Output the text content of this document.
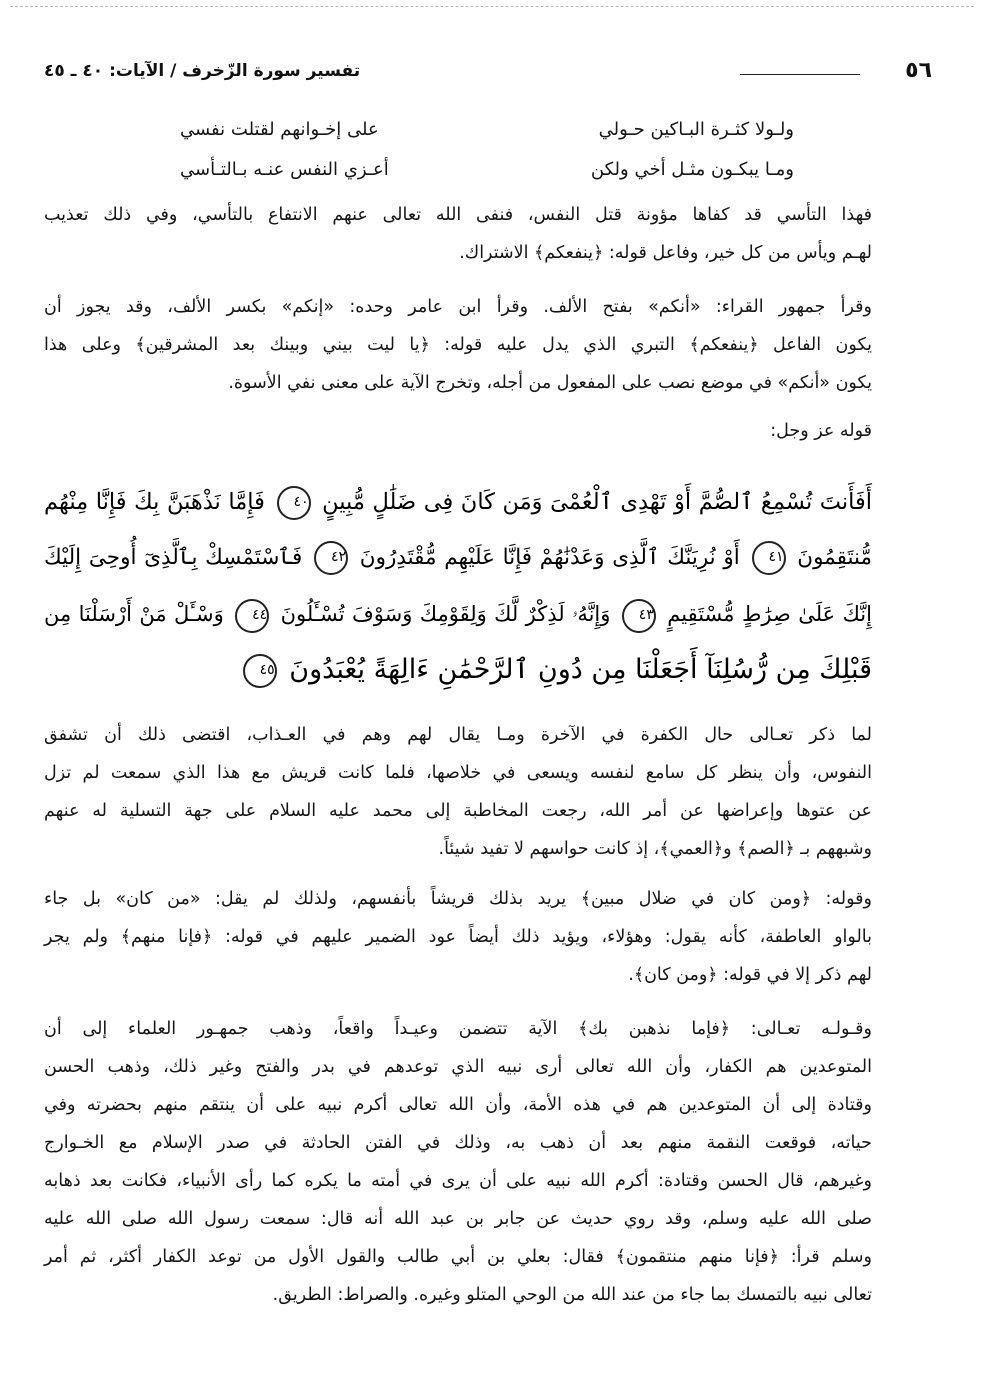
٥٦
تفسير سورة الزّخرف / الآيات: ٤٠ ـ ٤٥
ولـولا كثـرة البـاكين حـولي
على إخـوانهم لقتلت نفسي
ومـا يبكـون مثـل أخي ولكن
أعـزي النفس عنـه بـالتـأسي
فهذا التأسي قد كفاها مؤونة قتل النفس، فنفى الله تعالى عنهم الانتفاع بالتأسي، وفي ذلك تعذيب
لهـم ويأس من كل خير، وفاعل قوله: ﴿ينفعكم﴾ الاشتراك.
وقرأ جمهور القراء: «أنكم» بفتح الألف. وقرأ ابن عامر وحده: «إنكم» بكسر الألف، وقد يجوز أن
يكون الفاعل ﴿ينفعكم﴾ التبري الذي يدل عليه قوله: ﴿يا ليت بيني وبينك بعد المشرقين﴾ وعلى هذا
يكون «أنكم» في موضع نصب على المفعول من أجله، وتخرج الآية على معنى نفي الأسوة.
قوله عز وجل:
أَفَأَنتَ تُسْمِعُ ٱلصُّمَّ أَوْ تَهْدِى ٱلْعُمْىَ وَمَن كَانَ فِى ضَلَٰلٍ مُّبِينٍ ٤٠ فَإِمَّا نَذْهَبَنَّ بِكَ فَإِنَّا مِنْهُم
مُّنتَقِمُونَ ٤١ أَوْ نُرِيَنَّكَ ٱلَّذِى وَعَدْنَٰهُمْ فَإِنَّا عَلَيْهِم مُّقْتَدِرُونَ ٤٢ فَٱسْتَمْسِكْ بِٱلَّذِىٓ أُوحِىَ إِلَيْكَ
إِنَّكَ عَلَىٰ صِرَٰطٍ مُّسْتَقِيمٍ ٤٣ وَإِنَّهُۥ لَذِكْرٌ لَّكَ وَلِقَوْمِكَ وَسَوْفَ تُسْـَٔلُونَ ٤٤ وَسْـَٔلْ مَنْ أَرْسَلْنَا مِن
قَبْلِكَ مِن رُّسُلِنَآ أَجَعَلْنَا مِن دُونِ ٱلرَّحْمَٰنِ ءَالِهَةً يُعْبَدُونَ ٤٥
لما ذكر تعـالى حال الكفرة في الآخرة ومـا يقال لهم وهم في العـذاب، اقتضى ذلك أن تشفق
النفوس، وأن ينظر كل سامع لنفسه ويسعى في خلاصها، فلما كانت قريش مع هذا الذي سمعت لم تزل
عن عتوها وإعراضها عن أمر الله، رجعت المخاطبة إلى محمد عليه السلام على جهة التسلية له عنهم
وشبههم بـ ﴿الصم﴾ و﴿العمي﴾، إذ كانت حواسهم لا تفيد شيئاً.
وقوله: ﴿ومن كان في ضلال مبين﴾ يريد بذلك قريشاً بأنفسهم، ولذلك لم يقل: «من كان» بل جاء
بالواو العاطفة، كأنه يقول: وهؤلاء، ويؤيد ذلك أيضاً عود الضمير عليهم في قوله: ﴿فإنا منهم﴾ ولم يجر
لهم ذكر إلا في قوله: ﴿ومن كان﴾.
وقـولـه تعـالى: ﴿فإما نذهبن بك﴾ الآية تتضمن وعيـداً واقعاً، وذهب جمهـور العلماء إلى أن
المتوعدين هم الكفار، وأن الله تعالى أرى نبيه الذي توعدهم في بدر والفتح وغير ذلك، وذهب الحسن
وقتادة إلى أن المتوعدين هم في هذه الأمة، وأن الله تعالى أكرم نبيه على أن ينتقم منهم بحضرته وفي
حياته، فوقعت النقمة منهم بعد أن ذهب به، وذلك في الفتن الحادثة في صدر الإسلام مع الخـوارج
وغيرهم، قال الحسن وقتادة: أكرم الله نبيه على أن يرى في أمته ما يكره كما رأى الأنبياء، فكانت بعد ذهابه
صلى الله عليه وسلم، وقد روي حديث عن جابر بن عبد الله أنه قال: سمعت رسول الله صلى الله عليه
وسلم قرأ: ﴿فإنا منهم منتقمون﴾ فقال: بعلي بن أبي طالب والقول الأول من توعد الكفار أكثر، ثم أمر
تعالى نبيه بالتمسك بما جاء من عند الله من الوحي المتلو وغيره. والصراط: الطريق.
